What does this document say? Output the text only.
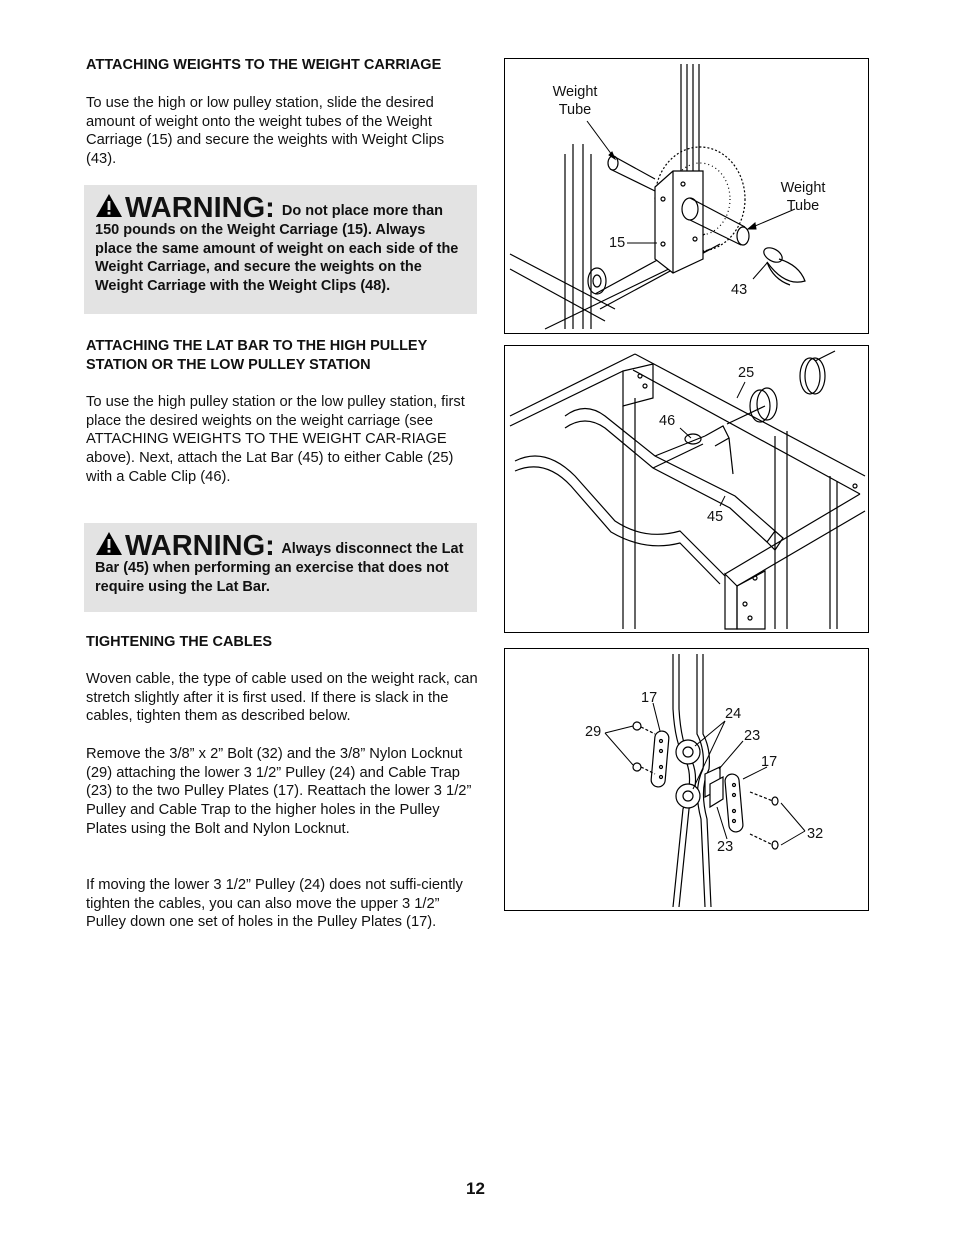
ATTACHING WEIGHTS TO THE WEIGHT CARRIAGE

To use the high or low pulley station, slide the desired amount of weight onto the weight tubes of the Weight Carriage (15) and secure the weights with Weight Clips (43).

WARNING: Do not place more than 150 pounds on the Weight Carriage (15). Always place the same amount of weight on each side of the Weight Carriage, and secure the weights on the Weight Carriage with the Weight Clips (48).
ATTACHING THE LAT BAR TO THE HIGH PULLEY STATION OR THE LOW PULLEY STATION

To use the high pulley station or the low pulley station, first place the desired weights on the weight carriage (see ATTACHING WEIGHTS TO THE WEIGHT CAR-RIAGE above). Next, attach the Lat Bar (45) to either Cable (25) with a Cable Clip (46).

WARNING: Always disconnect the Lat Bar (45) when performing an exercise that does not require using the Lat Bar.
TIGHTENING THE CABLES

Woven cable, the type of cable used on the weight rack, can stretch slightly after it is first used. If there is slack in the cables, tighten them as described below.

Remove the 3/8” x 2” Bolt (32) and the 3/8” Nylon Locknut (29) attaching the lower 3 1/2” Pulley (24) and Cable Trap (23) to the two Pulley Plates (17). Reattach the lower 3 1/2” Pulley and Cable Trap to the higher holes in the Pulley Plates using the Bolt and Nylon Locknut.

If moving the lower 3 1/2” Pulley (24) does not suffi-ciently tighten the cables, you can also move the upper 3 1/2” Pulley down one set of holes in the Pulley Plates (17).

Weight Tube
Weight Tube
15
43
25
46
45
17
29
24
23
17
32
23
12
